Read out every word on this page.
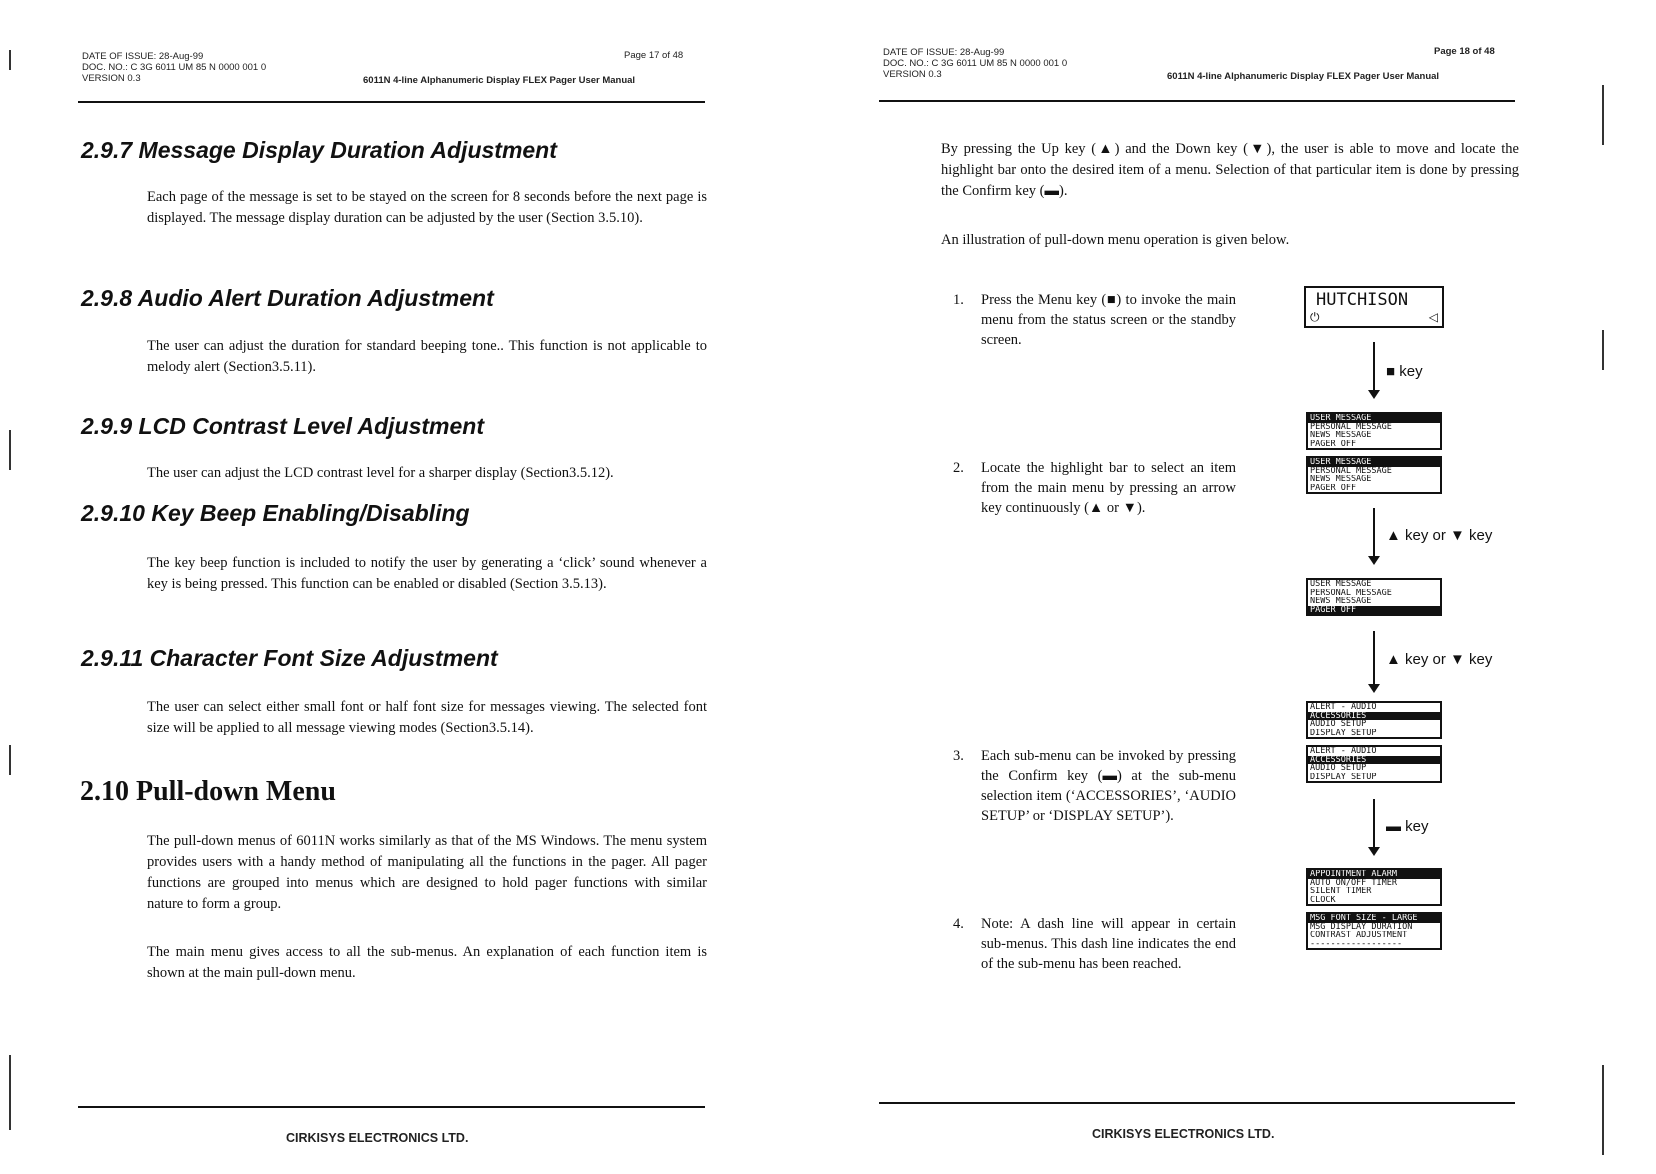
DATE OF ISSUE: 28-Aug-99
DOC. NO.: C 3G 6011 UM 85 N 0000 001 0
VERSION 0.3
Page 17 of 48
6011N 4-line Alphanumeric Display FLEX Pager User Manual
2.9.7 Message Display Duration Adjustment

Each page of the message is set to be stayed on the screen for 8 seconds before the next page is displayed. The message display duration can be adjusted by the user (Section 3.5.10).

2.9.8 Audio Alert Duration Adjustment

The user can adjust the duration for standard beeping tone.. This function is not applicable to melody alert (Section3.5.11).

2.9.9 LCD Contrast Level Adjustment

The user can adjust the LCD contrast level for a sharper display (Section3.5.12).

2.9.10 Key Beep Enabling/Disabling

The key beep function is included to notify the user by generating a ‘click’ sound whenever a key is being pressed. This function can be enabled or disabled (Section 3.5.13).

2.9.11 Character Font Size Adjustment

The user can select either small font or half font size for messages viewing. The selected font size will be applied to all message viewing modes (Section3.5.14).

2.10 Pull-down Menu

The pull-down menus of 6011N works similarly as that of the MS Windows. The menu system provides users with a handy method of manipulating all the functions in the pager. All pager functions are grouped into menus which are designed to hold pager functions with similar nature to form a group.

The main menu gives access to all the sub-menus. An explanation of each function item is shown at the main pull-down menu.

CIRKISYS ELECTRONICS LTD.
DATE OF ISSUE: 28-Aug-99
DOC. NO.: C 3G 6011 UM 85 N 0000 001 0
VERSION 0.3
Page 18 of 48
6011N 4-line Alphanumeric Display FLEX Pager User Manual

By pressing the Up key (▲) and the Down key (▼), the user is able to move and locate the highlight bar onto the desired item of a menu. Selection of that particular item is done by pressing the Confirm key (▬).

An illustration of pull-down menu operation is given below.

1. Press the Menu key (■) to invoke the main menu from the status screen or the standby screen.
2. Locate the highlight bar to select an item from the main menu by pressing an arrow key continuously (▲ or ▼).
3. Each sub-menu can be invoked by pressing the Confirm key (▬) at the sub-menu selection item (‘ACCESSORIES’, ‘AUDIO SETUP’ or ‘DISPLAY SETUP’).
4. Note: A dash line will appear in certain sub-menus. This dash line indicates the end of the sub-menu has been reached.
HUTCHISON
⏻	◁
■ key
USER MESSAGE
PERSONAL MESSAGE
NEWS MESSAGE
PAGER OFF
USER MESSAGE
PERSONAL MESSAGE
NEWS MESSAGE
PAGER OFF
▲ key or ▼ key
USER MESSAGE
PERSONAL MESSAGE
NEWS MESSAGE
PAGER OFF
▲ key or ▼ key
ALERT - AUDIO
ACCESSORIES
AUDIO SETUP
DISPLAY SETUP
ALERT - AUDIO
ACCESSORIES
AUDIO SETUP
DISPLAY SETUP
▬ key
APPOINTMENT ALARM
AUTO ON/OFF TIMER
SILENT TIMER
CLOCK
MSG FONT SIZE - LARGE
MSG DISPLAY DURATION
CONTRAST ADJUSTMENT
------------------
CIRKISYS ELECTRONICS LTD.
